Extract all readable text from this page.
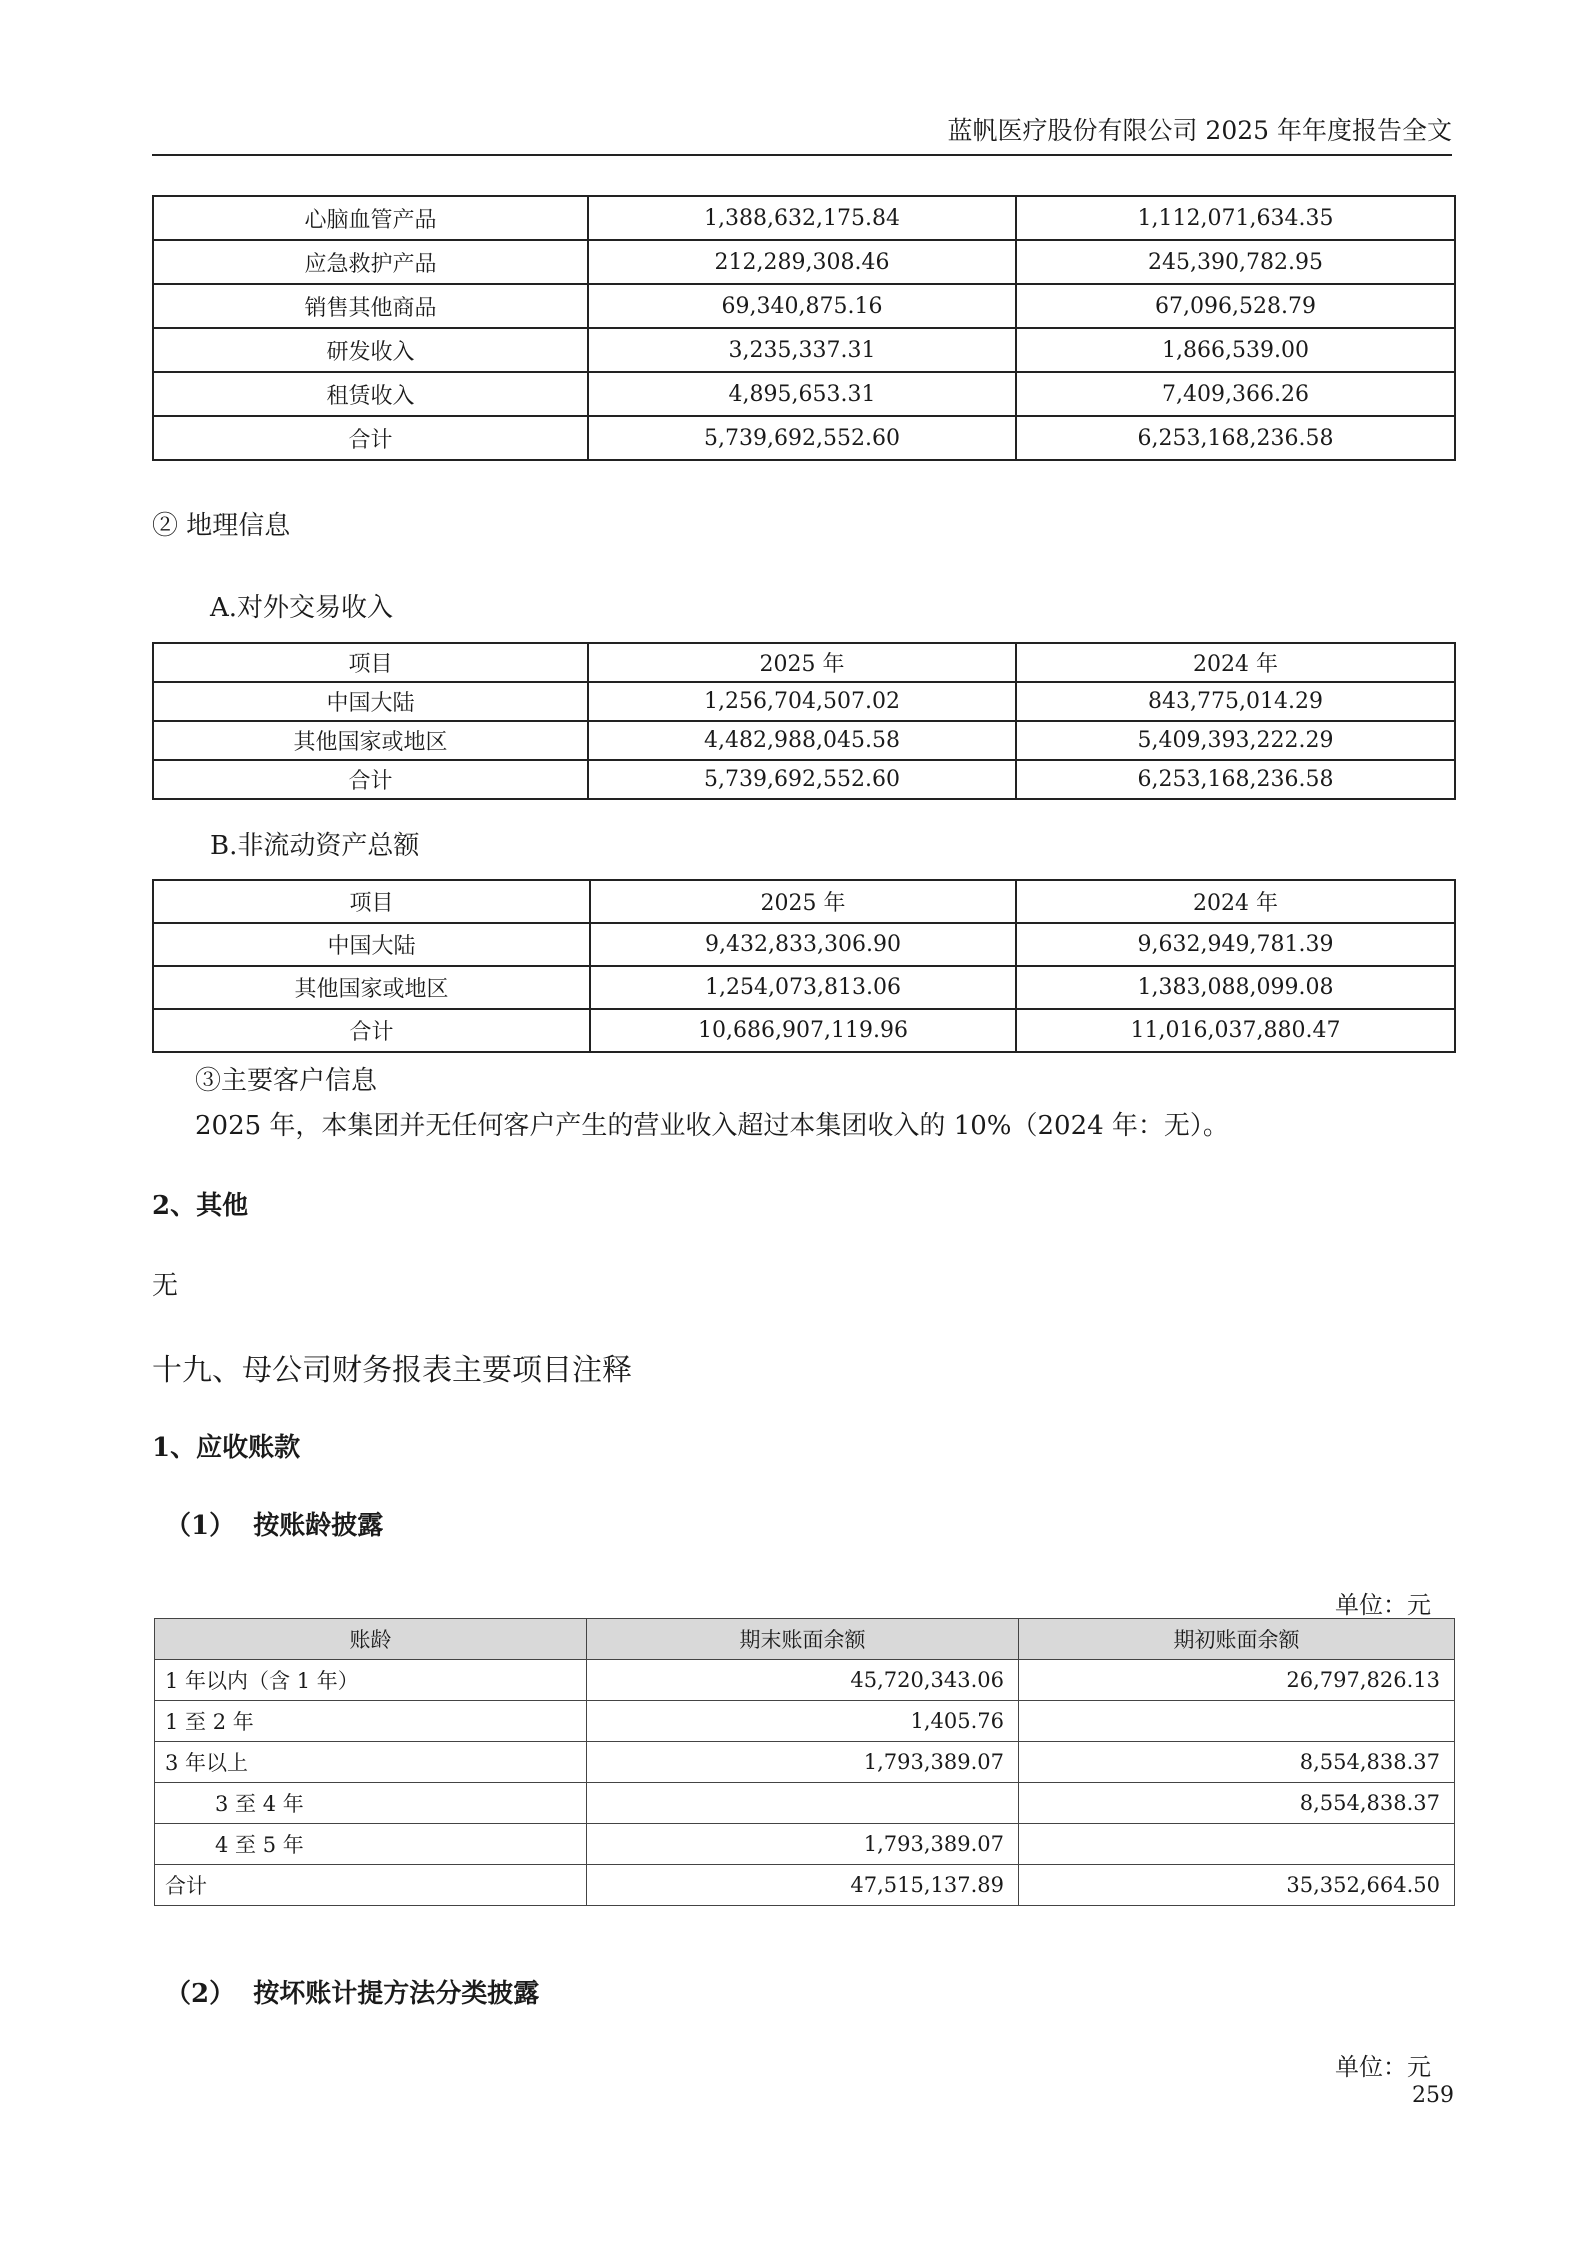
蓝帆医疗股份有限公司 2025 年年度报告全文
心脑血管产品	1,388,632,175.84	1,112,071,634.35
应急救护产品	212,289,308.46	245,390,782.95
销售其他商品	69,340,875.16	67,096,528.79
研发收入	3,235,337.31	1,866,539.00
租赁收入	4,895,653.31	7,409,366.26
合计	5,739,692,552.60	6,253,168,236.58
② 地理信息
A.对外交易收入
项目	2025 年	2024 年
中国大陆	1,256,704,507.02	843,775,014.29
其他国家或地区	4,482,988,045.58	5,409,393,222.29
合计	5,739,692,552.60	6,253,168,236.58
B.非流动资产总额
项目	2025 年	2024 年
中国大陆	9,432,833,306.90	9,632,949,781.39
其他国家或地区	1,254,073,813.06	1,383,088,099.08
合计	10,686,907,119.96	11,016,037,880.47
③主要客户信息
2025 年，本集团并无任何客户产生的营业收入超过本集团收入的 10%（2024 年：无）。
2、其他
无
十九、母公司财务报表主要项目注释
1、应收账款
（1）  按账龄披露
单位：元
账龄	期末账面余额	期初账面余额
1 年以内（含 1 年）	45,720,343.06	26,797,826.13
1 至 2 年	1,405.76	
3 年以上	1,793,389.07	8,554,838.37
3 至 4 年		8,554,838.37
4 至 5 年	1,793,389.07	
合计	47,515,137.89	35,352,664.50
（2）  按坏账计提方法分类披露
单位：元
259
